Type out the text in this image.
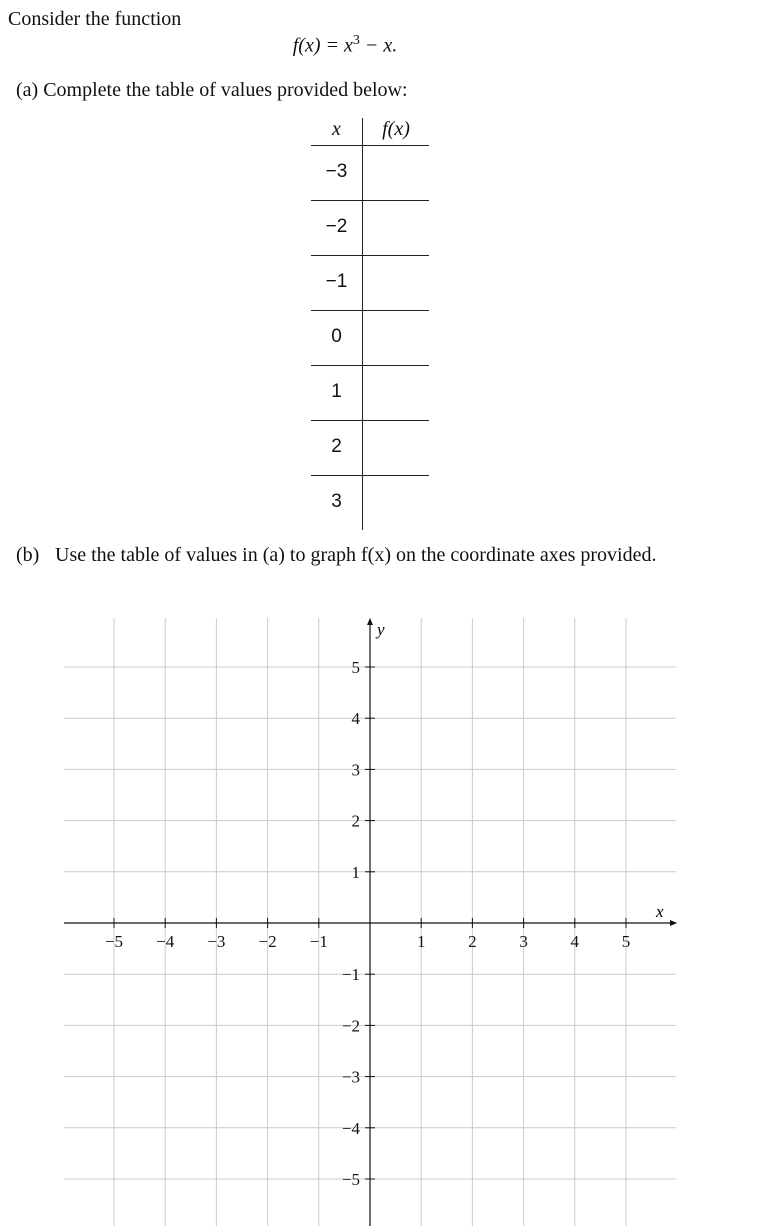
Consider the function
$f(x) = x^3 - x$.
(a) Complete the table of values provided below:
x	f(x)
−3
−2
−1
0
1
2
3
(b) Use the table of values in (a) to graph f(x) on the coordinate axes provided.
−5 −4 −3 −2 −1	1	2	3	4	5
5
4
3
2
1
−1
−2
−3
−4
−5
x
y
